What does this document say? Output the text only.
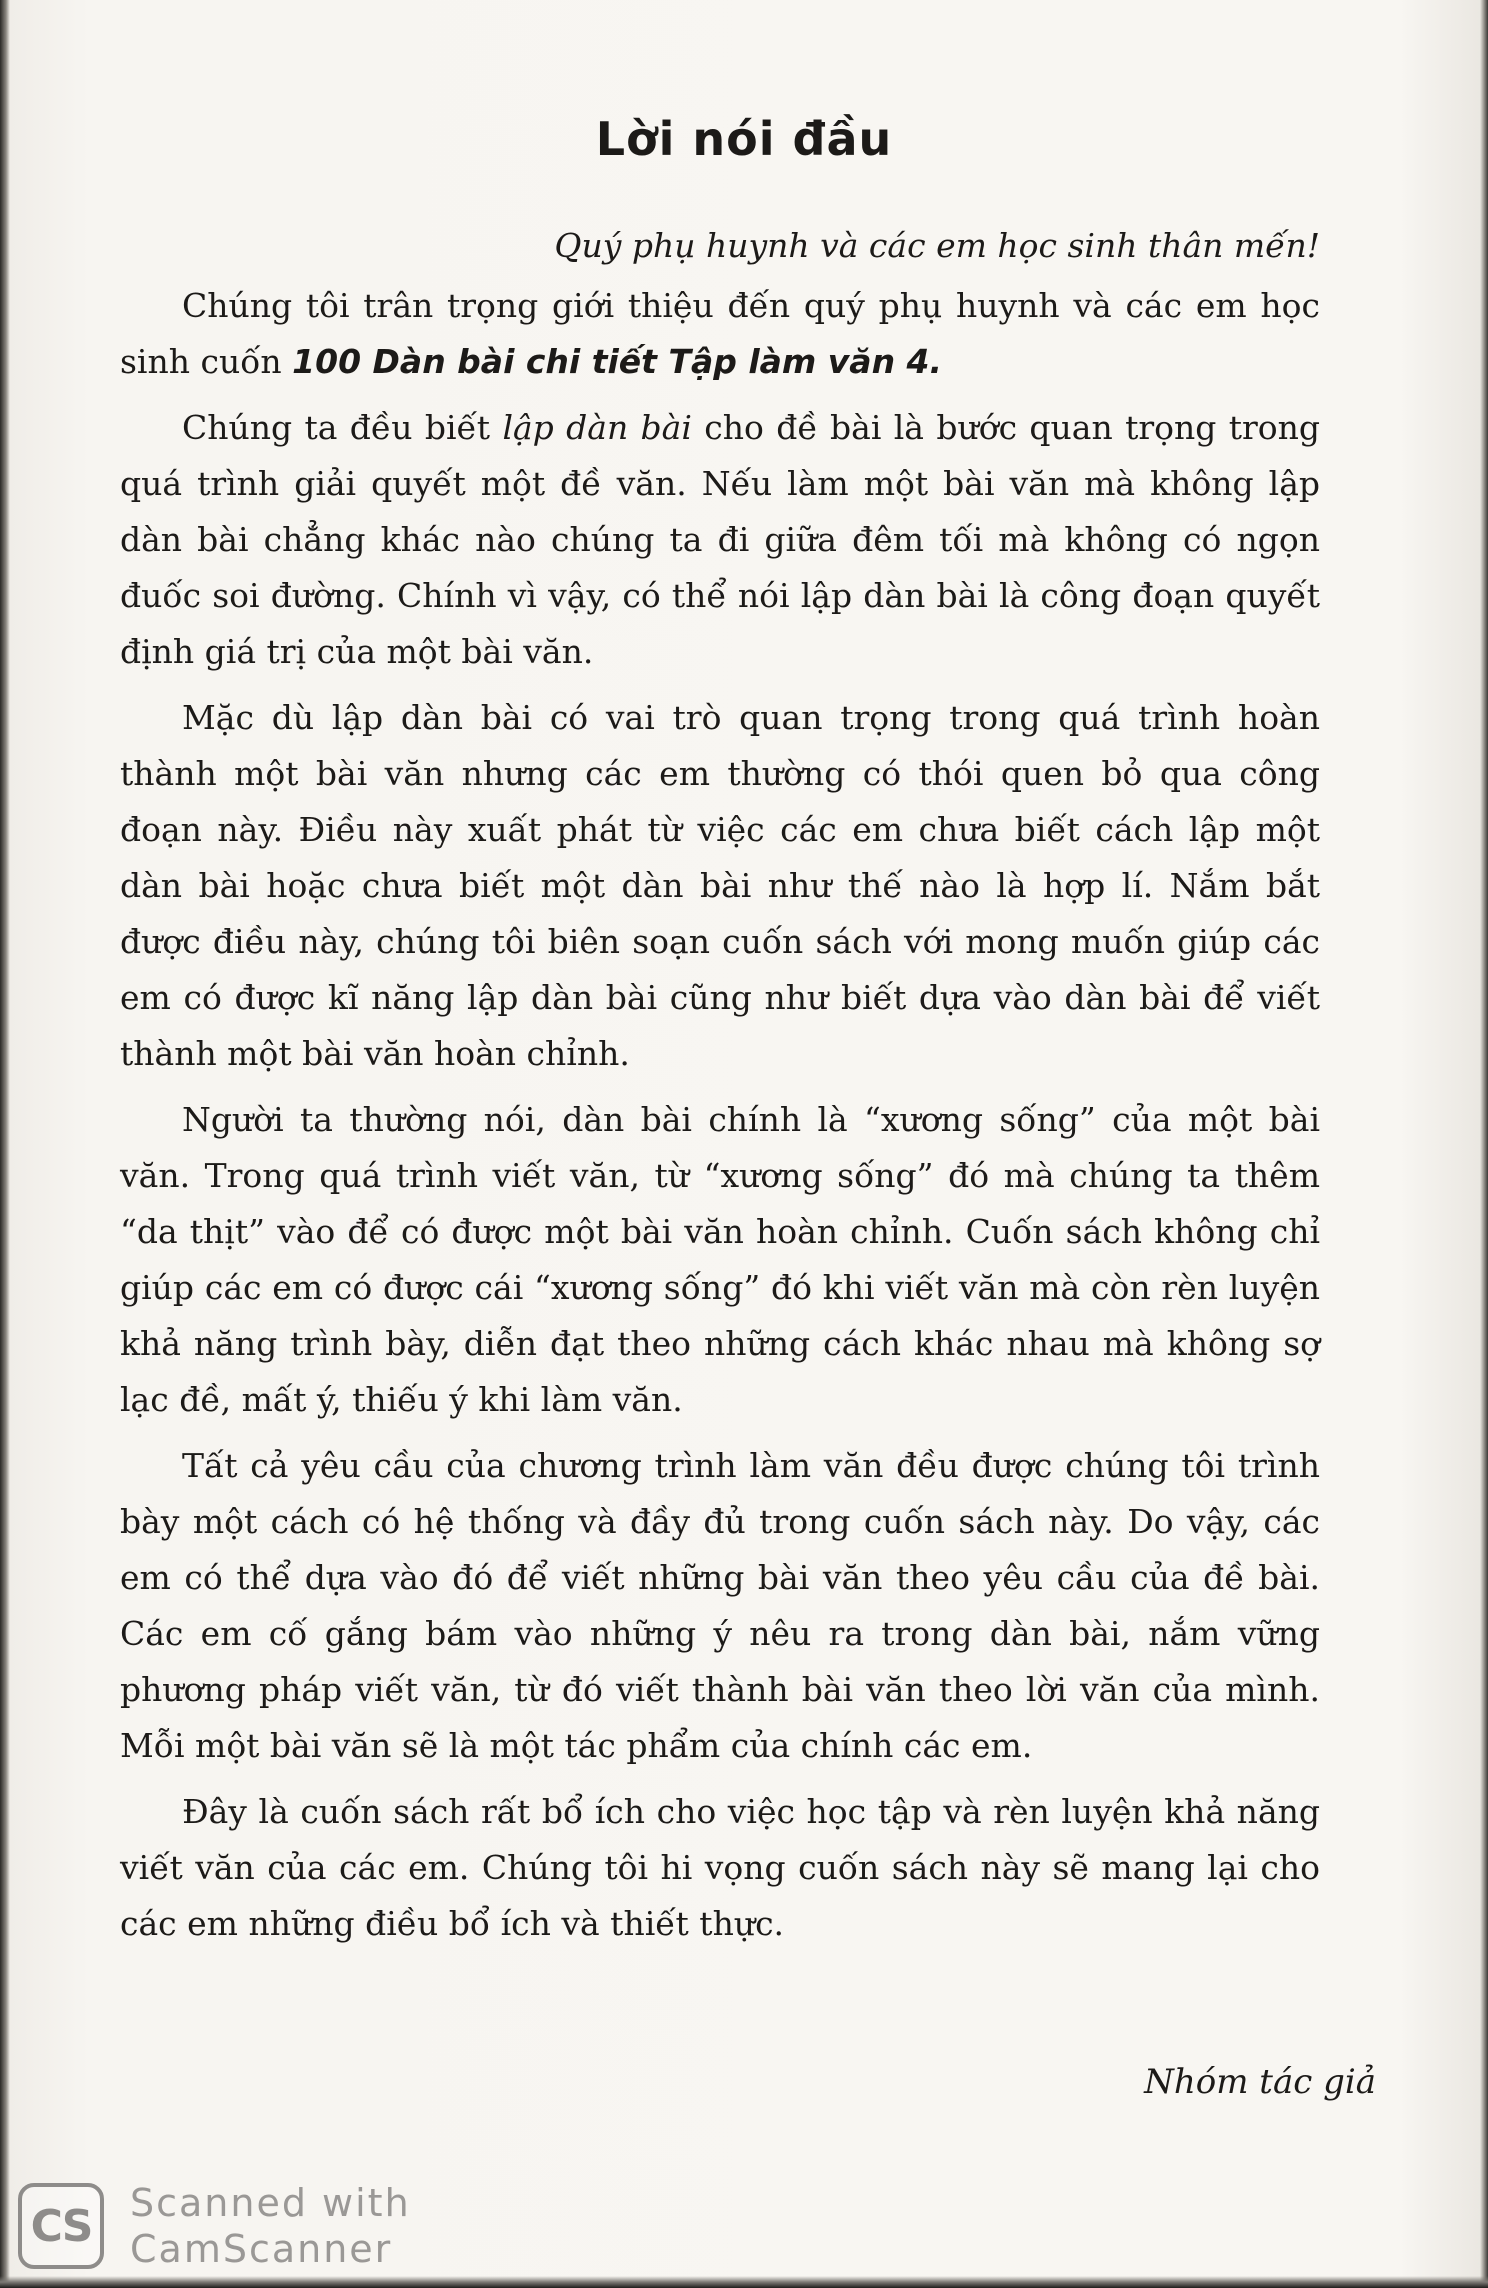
Lời nói đầu

Quý phụ huynh và các em học sinh thân mến!

Chúng tôi trân trọng giới thiệu đến quý phụ huynh và các em học sinh cuốn 100 Dàn bài chi tiết Tập làm văn 4.

Chúng ta đều biết lập dàn bài cho đề bài là bước quan trọng trong quá trình giải quyết một đề văn. Nếu làm một bài văn mà không lập dàn bài chẳng khác nào chúng ta đi giữa đêm tối mà không có ngọn đuốc soi đường. Chính vì vậy, có thể nói lập dàn bài là công đoạn quyết định giá trị của một bài văn.

Mặc dù lập dàn bài có vai trò quan trọng trong quá trình hoàn thành một bài văn nhưng các em thường có thói quen bỏ qua công đoạn này. Điều này xuất phát từ việc các em chưa biết cách lập một dàn bài hoặc chưa biết một dàn bài như thế nào là hợp lí. Nắm bắt được điều này, chúng tôi biên soạn cuốn sách với mong muốn giúp các em có được kĩ năng lập dàn bài cũng như biết dựa vào dàn bài để viết thành một bài văn hoàn chỉnh.

Người ta thường nói, dàn bài chính là “xương sống” của một bài văn. Trong quá trình viết văn, từ “xương sống” đó mà chúng ta thêm “da thịt” vào để có được một bài văn hoàn chỉnh. Cuốn sách không chỉ giúp các em có được cái “xương sống” đó khi viết văn mà còn rèn luyện khả năng trình bày, diễn đạt theo những cách khác nhau mà không sợ lạc đề, mất ý, thiếu ý khi làm văn.

Tất cả yêu cầu của chương trình làm văn đều được chúng tôi trình bày một cách có hệ thống và đầy đủ trong cuốn sách này. Do vậy, các em có thể dựa vào đó để viết những bài văn theo yêu cầu của đề bài. Các em cố gắng bám vào những ý nêu ra trong dàn bài, nắm vững phương pháp viết văn, từ đó viết thành bài văn theo lời văn của mình. Mỗi một bài văn sẽ là một tác phẩm của chính các em.

Đây là cuốn sách rất bổ ích cho việc học tập và rèn luyện khả năng viết văn của các em. Chúng tôi hi vọng cuốn sách này sẽ mang lại cho các em những điều bổ ích và thiết thực.

Nhóm tác giả

CS	Scanned with
CamScanner
